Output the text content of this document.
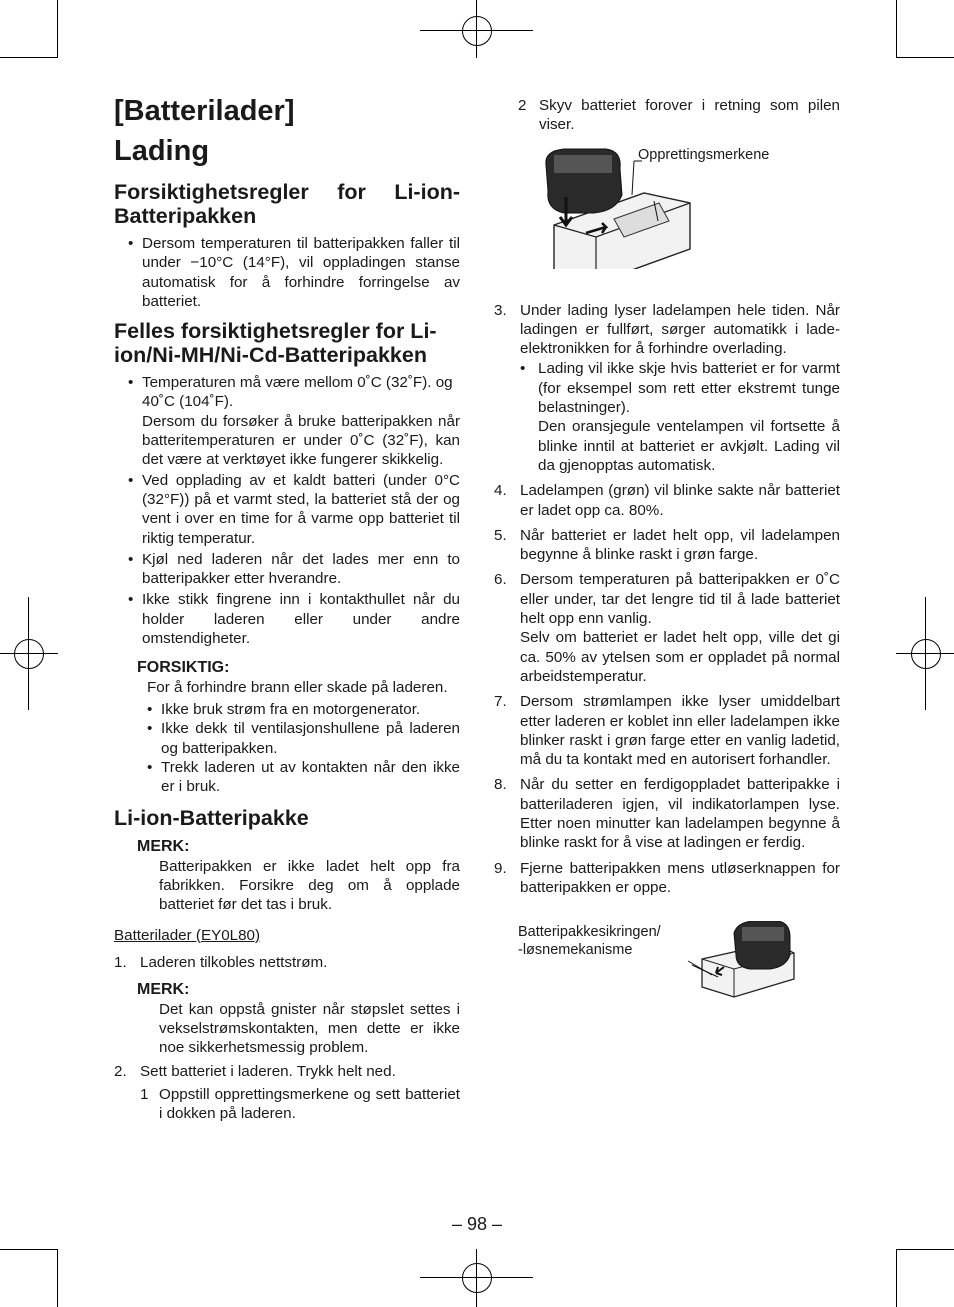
[Batterilader]
Lading
Forsiktighetsregler for Li-ion-Batteripakken
• Dersom temperaturen til batteripakken faller til under −10°C (14°F), vil oppladingen stanse automatisk for å forhindre forringelse av batteriet.
Felles forsiktighetsregler for Li-ion/Ni-MH/Ni-Cd-Batteripakken
• Temperaturen må være mellom 0˚C (32˚F). og 40˚C (104˚F).
Dersom du forsøker å bruke batteripakken når batteritemperaturen er under 0˚C (32˚F), kan det være at verktøyet ikke fungerer skikkelig.
• Ved opplading av et kaldt batteri (under 0°C (32°F)) på et varmt sted, la batteriet stå der og vent i over en time for å varme opp batteriet til riktig temperatur.
• Kjøl ned laderen når det lades mer enn to batteripakker etter hverandre.
• Ikke stikk fingrene inn i kontakthullet når du holder laderen eller under andre omstendigheter.
FORSIKTIG:
For å forhindre brann eller skade på laderen.
• Ikke bruk strøm fra en motorgenerator.
• Ikke dekk til ventilasjonshullene på laderen og batteripakken.
• Trekk laderen ut av kontakten når den ikke er i bruk.
Li-ion-Batteripakke
MERK:
Batteripakken er ikke ladet helt opp fra fabrikken. Forsikre deg om å opplade batteriet før det tas i bruk.
Batterilader (EY0L80)
1. Laderen tilkobles nettstrøm.
MERK:
Det kan oppstå gnister når støpslet settes i vekselstrømskontakten, men dette er ikke noe sikkerhetsmessig problem.
2. Sett batteriet i laderen. Trykk helt ned.
1 Oppstill opprettingsmerkene og sett batteriet i dokken på laderen.
2 Skyv batteriet forover i retning som pilen viser.
Opprettingsmerkene
3. Under lading lyser ladelampen hele tiden. Når ladingen er fullført, sørger automatikk i lade-elektronikken for å forhindre overlading.
• Lading vil ikke skje hvis batteriet er for varmt (for eksempel som rett etter ekstremt tunge belastninger).
Den oransjegule ventelampen vil fortsette å blinke inntil at batteriet er avkjølt. Lading vil da gjenopptas automatisk.
4. Ladelampen (grøn) vil blinke sakte når batteriet er ladet opp ca. 80%.
5. Når batteriet er ladet helt opp, vil ladelampen begynne å blinke raskt i grøn farge.
6. Dersom temperaturen på batteripakken er 0˚C eller under, tar det lengre tid til å lade batteriet helt opp enn vanlig.
Selv om batteriet er ladet helt opp, ville det gi ca. 50% av ytelsen som er oppladet på normal arbeidstemperatur.
7. Dersom strømlampen ikke lyser umiddelbart etter laderen er koblet inn eller ladelampen ikke blinker raskt i grøn farge etter en vanlig ladetid, må du ta kontakt med en autorisert forhandler.
8. Når du setter en ferdigoppladet batteripakke i batteriladeren igjen, vil indikatorlampen lyse. Etter noen minutter kan ladelampen begynne å blinke raskt for å vise at ladingen er ferdig.
9. Fjerne batteripakken mens utløserknappen for batteripakken er oppe.
Batteripakkesikringen/
-løsnemekanisme
– 98 –
